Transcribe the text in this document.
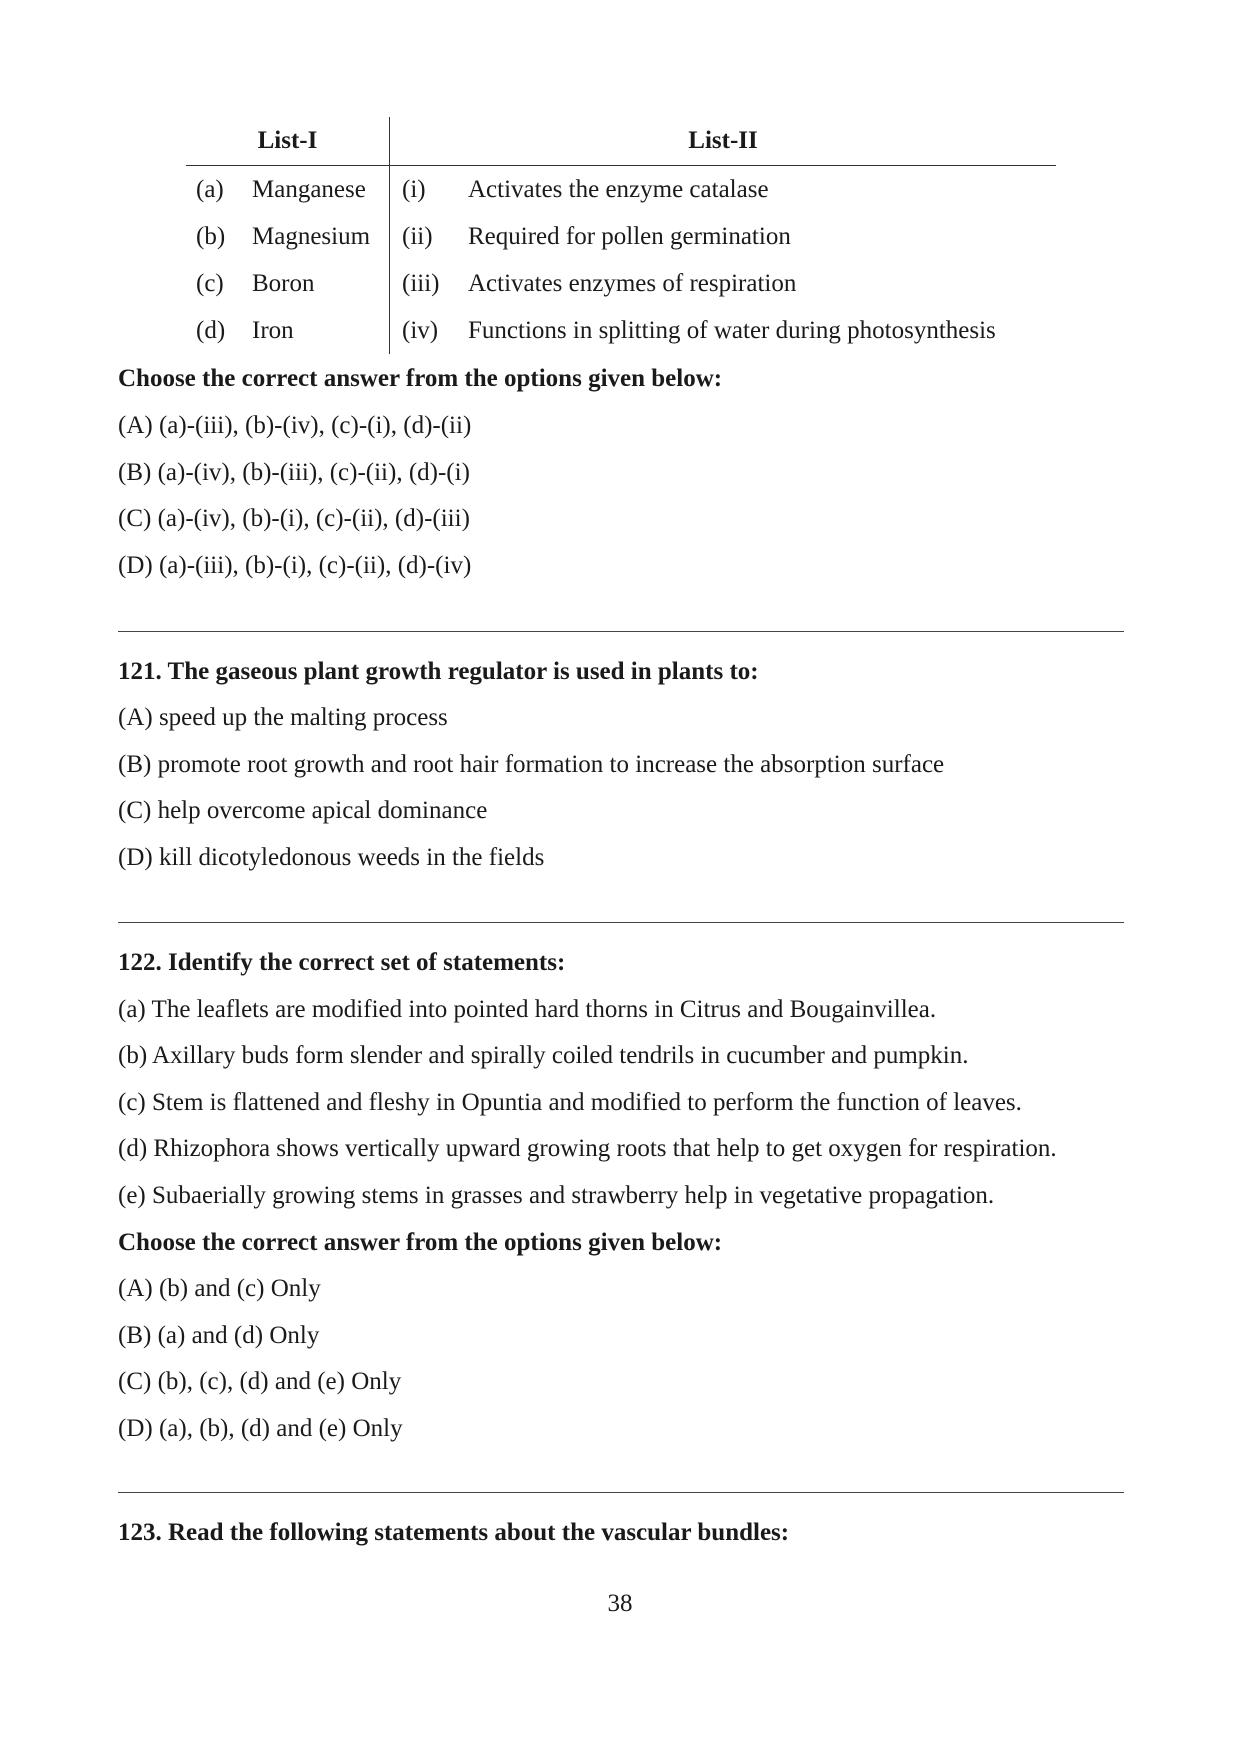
List-I		List-II	
(a)	Manganese	(i)	Activates the enzyme catalase
(b)	Magnesium	(ii)	Required for pollen germination
(c)	Boron	(iii)	Activates enzymes of respiration
(d)	Iron	(iv)	Functions in splitting of water during photosynthesis
Choose the correct answer from the options given below:
(A) (a)-(iii), (b)-(iv), (c)-(i), (d)-(ii)
(B) (a)-(iv), (b)-(iii), (c)-(ii), (d)-(i)
(C) (a)-(iv), (b)-(i), (c)-(ii), (d)-(iii)
(D) (a)-(iii), (b)-(i), (c)-(ii), (d)-(iv)
121. The gaseous plant growth regulator is used in plants to:
(A) speed up the malting process
(B) promote root growth and root hair formation to increase the absorption surface
(C) help overcome apical dominance
(D) kill dicotyledonous weeds in the fields
122. Identify the correct set of statements:
(a) The leaflets are modified into pointed hard thorns in Citrus and Bougainvillea.
(b) Axillary buds form slender and spirally coiled tendrils in cucumber and pumpkin.
(c) Stem is flattened and fleshy in Opuntia and modified to perform the function of leaves.
(d) Rhizophora shows vertically upward growing roots that help to get oxygen for respiration.
(e) Subaerially growing stems in grasses and strawberry help in vegetative propagation.
Choose the correct answer from the options given below:
(A) (b) and (c) Only
(B) (a) and (d) Only
(C) (b), (c), (d) and (e) Only
(D) (a), (b), (d) and (e) Only
123. Read the following statements about the vascular bundles:
38
